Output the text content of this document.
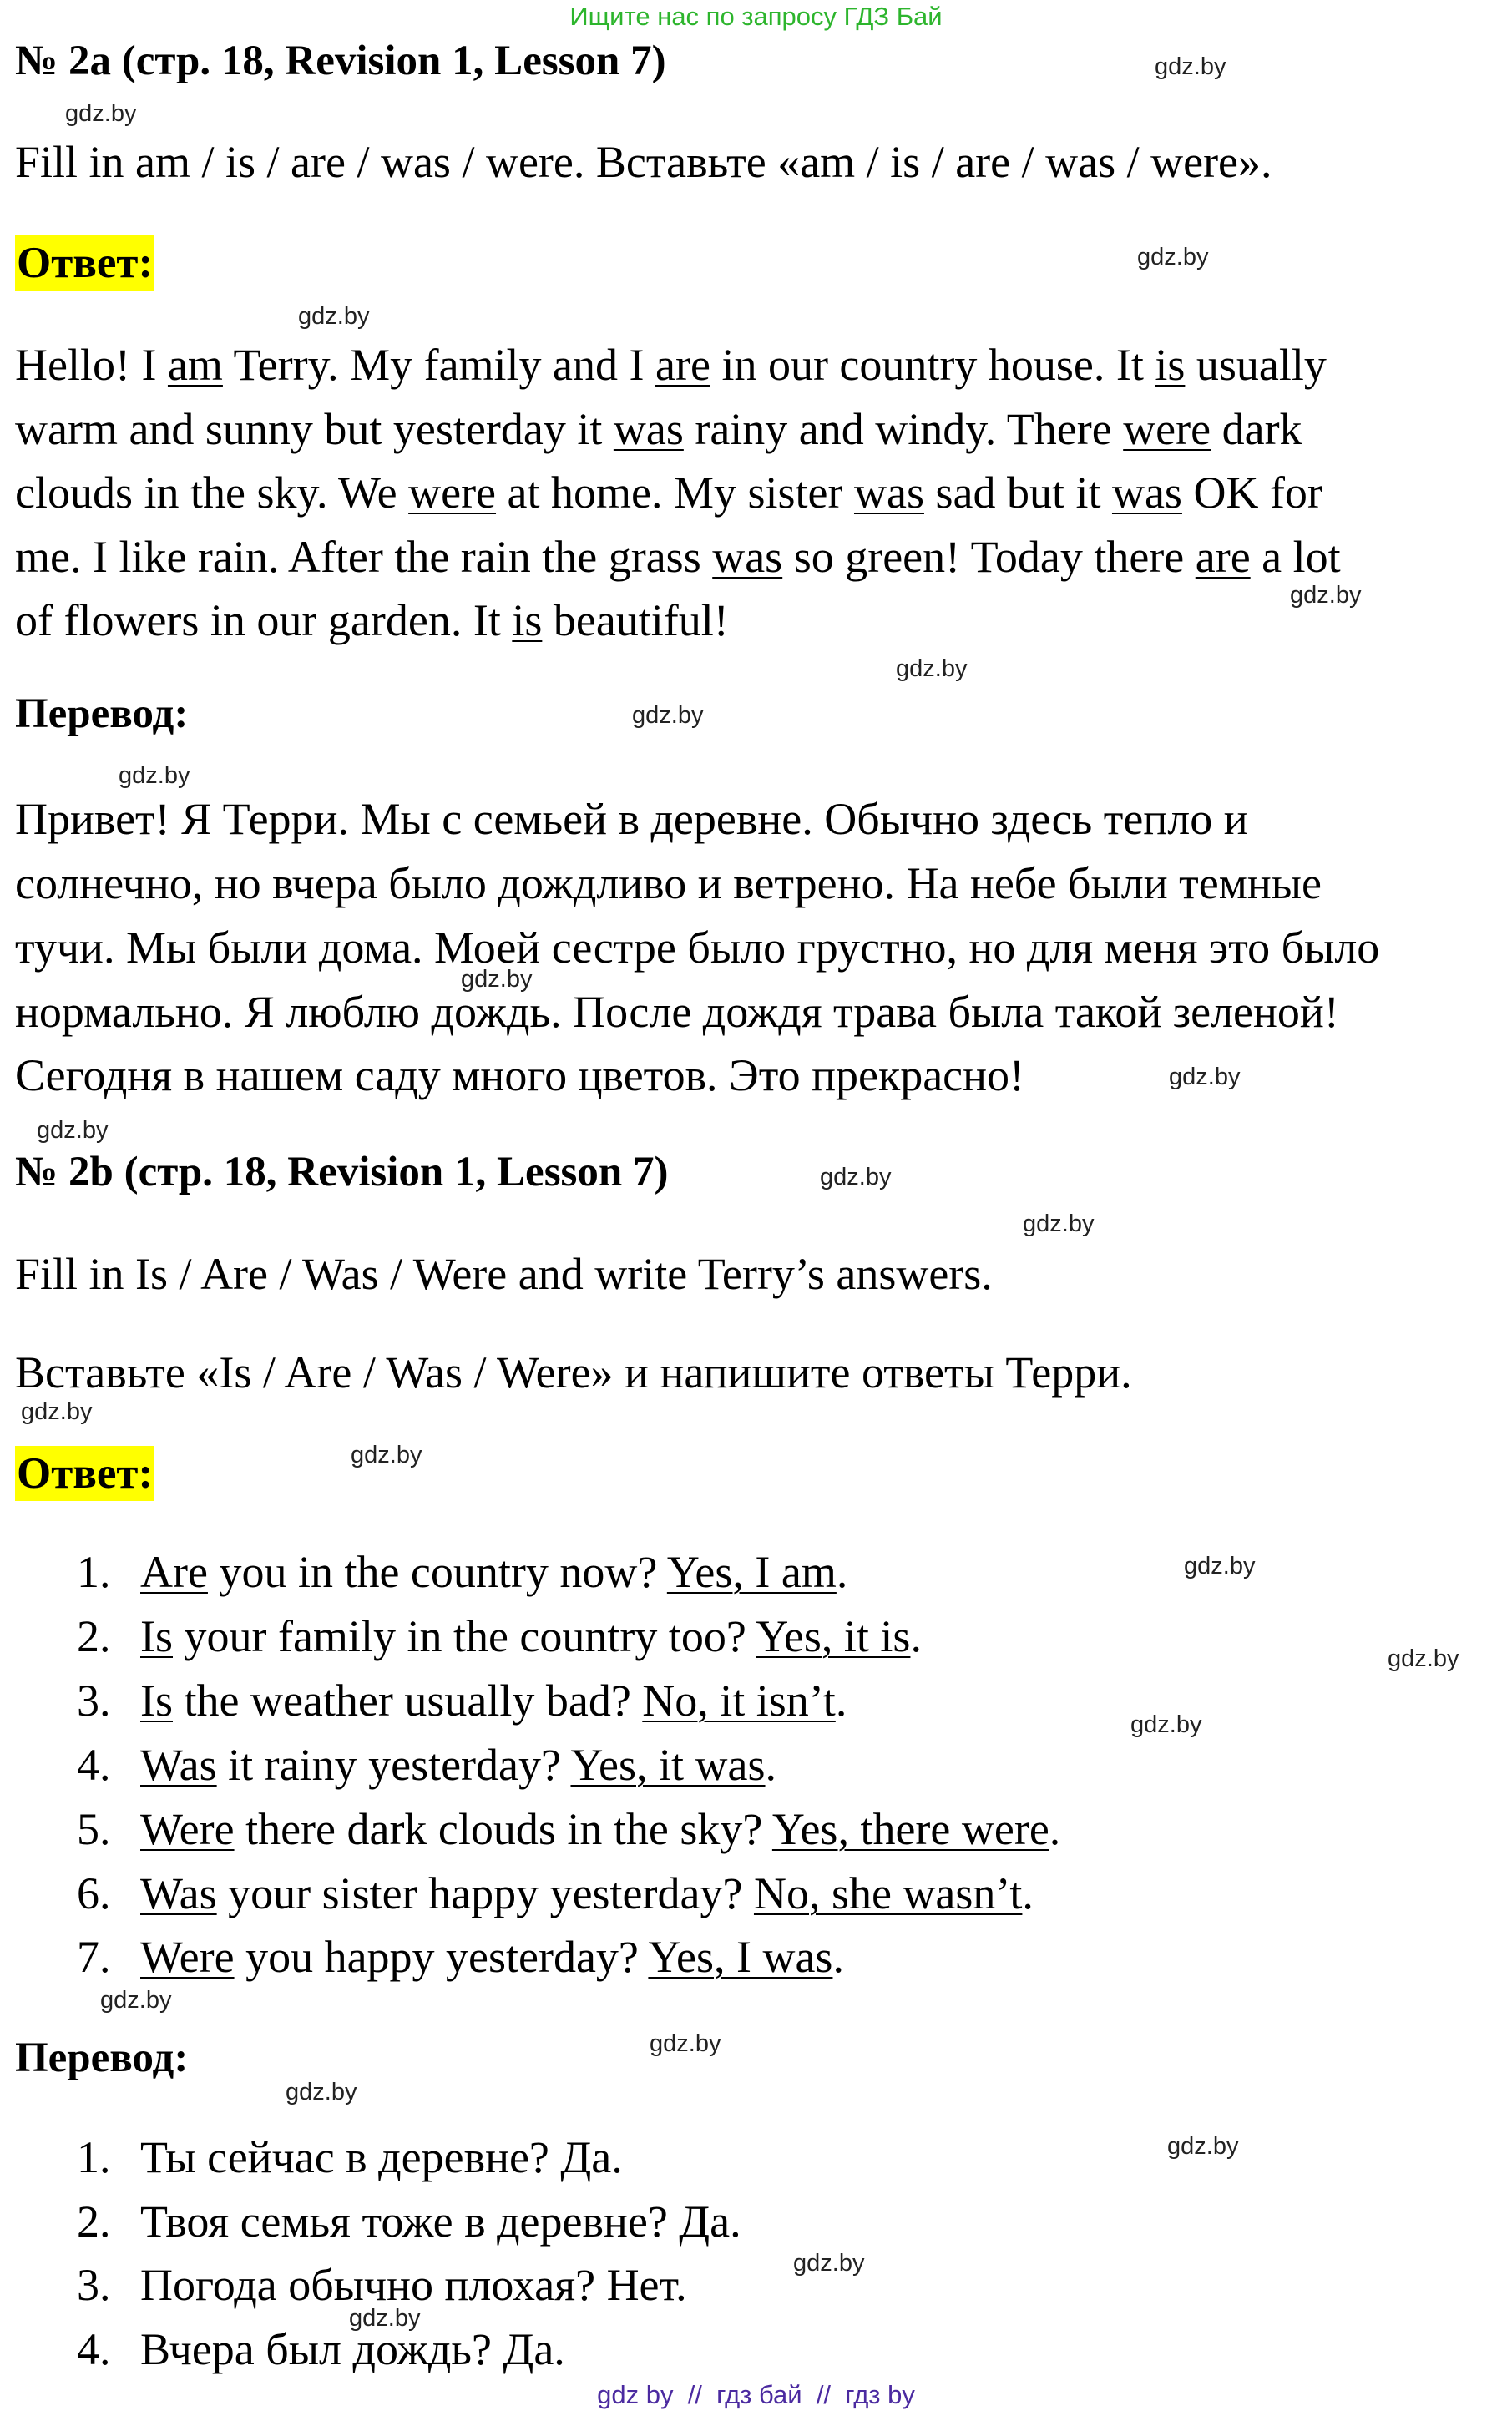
Ищите нас по запросу ГДЗ Бай
№ 2a (стр. 18, Revision 1, Lesson 7)
Fill in am / is / are / was / were. Вставьте «am / is / are / was / were».
Ответ:
Hello! I am Terry. My family and I are in our country house. It is usually
warm and sunny but yesterday it was rainy and windy. There were dark
clouds in the sky. We were at home. My sister was sad but it was OK for
me. I like rain. After the rain the grass was so green! Today there are a lot
of flowers in our garden. It is beautiful!
Перевод:
Привет! Я Терри. Мы с семьей в деревне. Обычно здесь тепло и
солнечно, но вчера было дождливо и ветрено. На небе были темные
тучи. Мы были дома. Моей сестре было грустно, но для меня это было
нормально. Я люблю дождь. После дождя трава была такой зеленой!
Сегодня в нашем саду много цветов. Это прекрасно!
№ 2b (стр. 18, Revision 1, Lesson 7)
Fill in Is / Are / Was / Were and write Terry’s answers.
Вставьте «Is / Are / Was / Were» и напишите ответы Терри.
Ответ:
1. Are you in the country now? Yes, I am.
2. Is your family in the country too? Yes, it is.
3. Is the weather usually bad? No, it isn’t.
4. Was it rainy yesterday? Yes, it was.
5. Were there dark clouds in the sky? Yes, there were.
6. Was your sister happy yesterday? No, she wasn’t.
7. Were you happy yesterday? Yes, I was.
Перевод:
1. Ты сейчас в деревне? Да.
2. Твоя семья тоже в деревне? Да.
3. Погода обычно плохая? Нет.
4. Вчера был дождь? Да.
gdz.by
gdz.by
gdz.by
gdz.by
gdz.by
gdz.by
gdz.by
gdz.by
gdz.by
gdz.by
gdz.by
gdz.by
gdz.by
gdz.by
gdz.by
gdz.by
gdz.by
gdz.by
gdz.by
gdz.by
gdz.by
gdz.by
gdz.by
gdz.by
gdz by  //  гдз бай  //  гдз by
